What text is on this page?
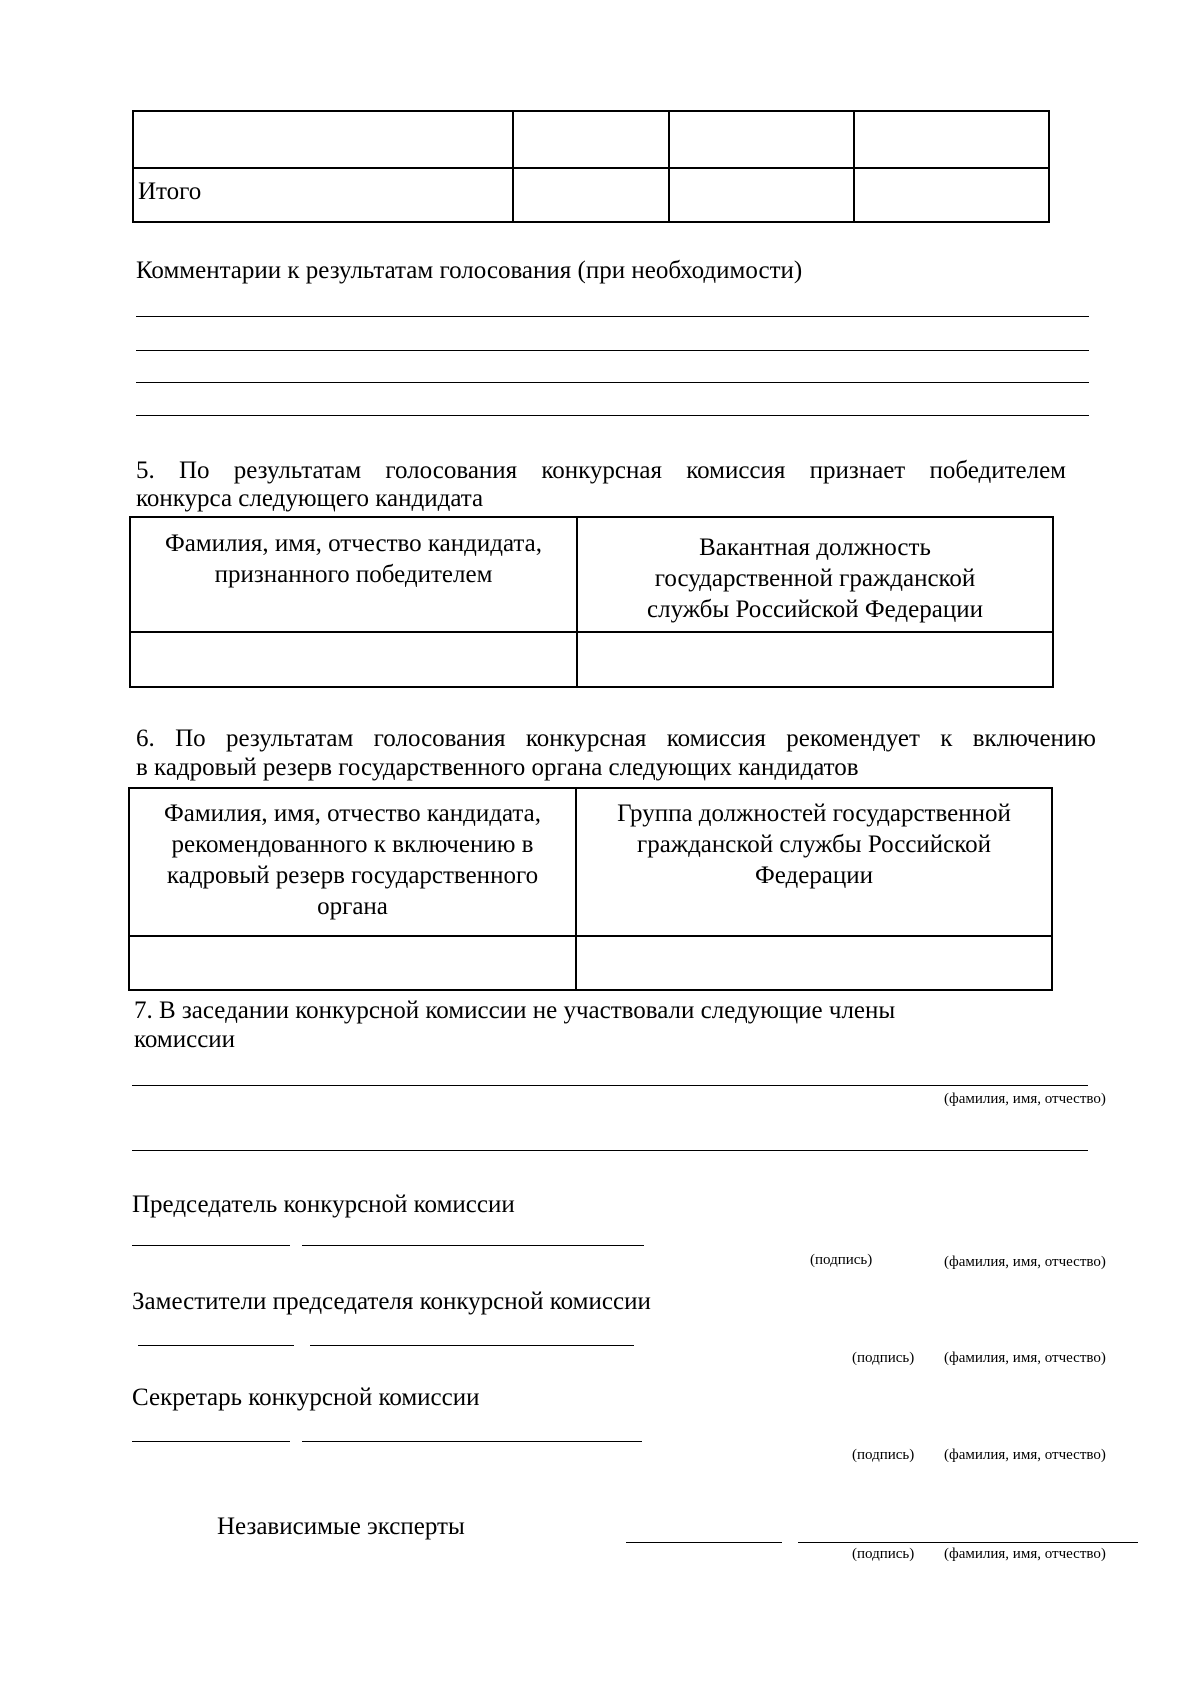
Итого			

Комментарии к результатам голосования (при необходимости)
5. По результатам голосования конкурсная комиссия признает победителем
конкурса следующего кандидата
Фамилия, имя, отчество кандидата, признанного победителем	Вакантная должность государственной гражданской службы Российской Федерации

6. По результатам голосования конкурсная комиссия рекомендует к включению
в кадровый резерв государственного органа следующих кандидатов
Фамилия, имя, отчество кандидата, рекомендованного к включению в кадровый резерв государственного органа	Группа должностей государственной гражданской службы Российской Федерации

7. В заседании конкурсной комиссии не участвовали следующие члены
комиссии
(фамилия, имя, отчество)
Председатель конкурсной комиссии
(подпись)	(фамилия, имя, отчество)
Заместители председателя конкурсной комиссии
(подпись) (фамилия, имя, отчество)
Секретарь конкурсной комиссии
(подпись) (фамилия, имя, отчество)
Независимые эксперты
(подпись) (фамилия, имя, отчество)
